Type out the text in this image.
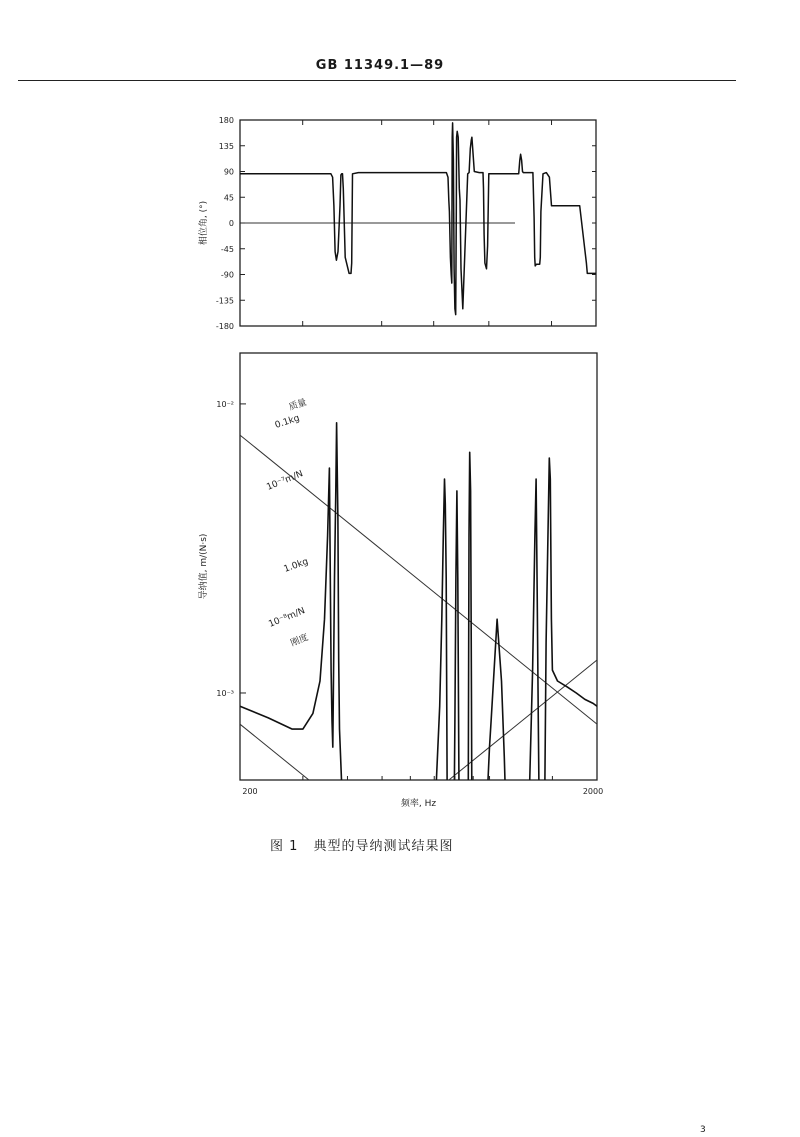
GB 11349.1—89
180
135
90
45
0
-45
-90
-135
-180
相位角, (°)
10⁻²
10⁻³
200	2000
频率, Hz
导纳值, m/(N·s)
质量
0.1kg
10⁻⁷m/N
1.0kg
10⁻⁸m/N
刚度
图 1 典型的导纳测试结果图
3
